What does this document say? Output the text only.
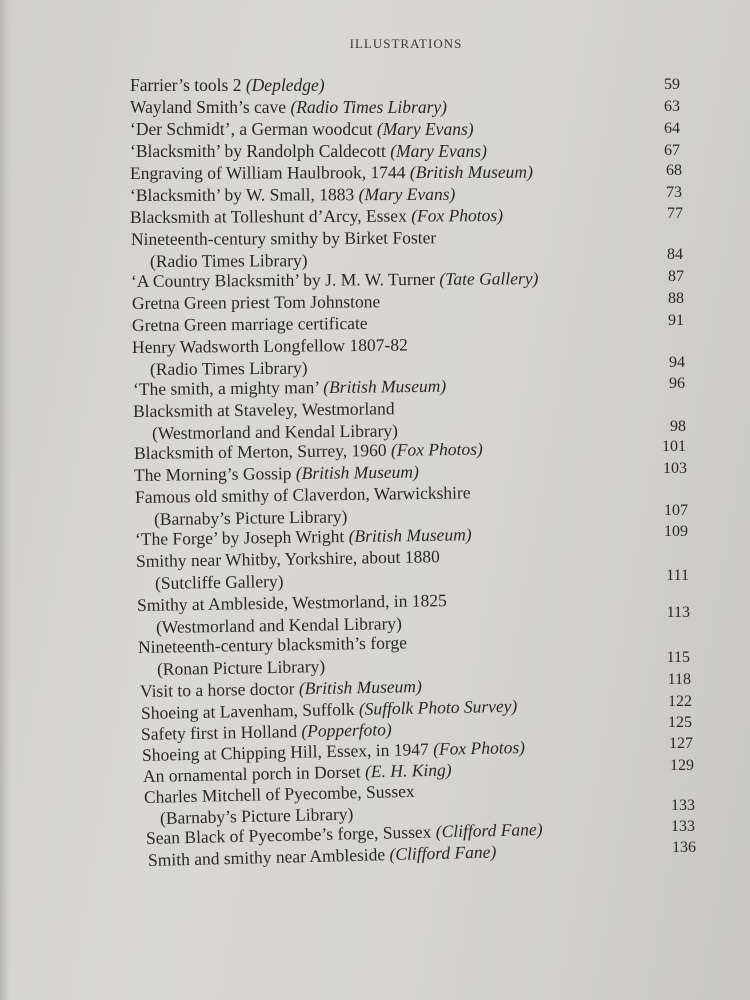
ILLUSTRATIONS
Farrier’s tools 2 (Depledge)	59
Wayland Smith’s cave (Radio Times Library)	63
‘Der Schmidt’, a German woodcut (Mary Evans)	64
‘Blacksmith’ by Randolph Caldecott (Mary Evans)	67
Engraving of William Haulbrook, 1744 (British Museum)	68
‘Blacksmith’ by W. Small, 1883 (Mary Evans)	73
Blacksmith at Tolleshunt d’Arcy, Essex (Fox Photos)	77
Nineteenth-century smithy by Birket Foster
(Radio Times Library)	84
‘A Country Blacksmith’ by J. M. W. Turner (Tate Gallery)	87
Gretna Green priest Tom Johnstone	88
Gretna Green marriage certificate	91
Henry Wadsworth Longfellow 1807-82
(Radio Times Library)	94
‘The smith, a mighty man’ (British Museum)	96
Blacksmith at Staveley, Westmorland
(Westmorland and Kendal Library)	98
Blacksmith of Merton, Surrey, 1960 (Fox Photos)	101
The Morning’s Gossip (British Museum)	103
Famous old smithy of Claverdon, Warwickshire
(Barnaby’s Picture Library)	107
‘The Forge’ by Joseph Wright (British Museum)	109
Smithy near Whitby, Yorkshire, about 1880
(Sutcliffe Gallery)	111
Smithy at Ambleside, Westmorland, in 1825
(Westmorland and Kendal Library)
113
Nineteenth-century blacksmith’s forge
(Ronan Picture Library)	115
Visit to a horse doctor (British Museum)	118
Shoeing at Lavenham, Suffolk (Suffolk Photo Survey)	122
Safety first in Holland (Popperfoto)	125
Shoeing at Chipping Hill, Essex, in 1947 (Fox Photos)	127
An ornamental porch in Dorset (E. H. King)	129
Charles Mitchell of Pyecombe, Sussex
(Barnaby’s Picture Library)	133
Sean Black of Pyecombe’s forge, Sussex (Clifford Fane)	133
Smith and smithy near Ambleside (Clifford Fane)	136
